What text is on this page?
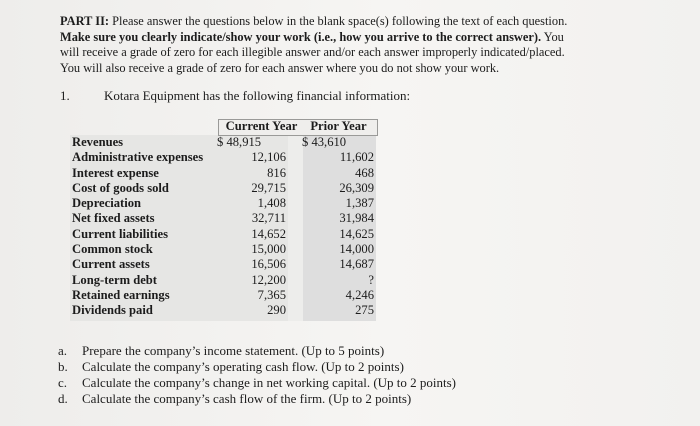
PART II: Please answer the questions below in the blank space(s) following the text of each question.

Make sure you clearly indicate/show your work (i.e., how you arrive to the correct answer). You

will receive a grade of zero for each illegible answer and/or each answer improperly indicated/placed.

You will also receive a grade of zero for each answer where you do not show your work.

1.	Kotara Equipment has the following financial information:
Current Year	Prior Year
Revenues	$ 48,915	$ 43,610
Administrative expenses	12,106	11,602
Interest expense	816	468
Cost of goods sold	29,715	26,309
Depreciation	1,408	1,387
Net fixed assets	32,711	31,984
Current liabilities	14,652	14,625
Common stock	15,000	14,000
Current assets	16,506	14,687
Long-term debt	12,200	?
Retained earnings	7,365	4,246
Dividends paid	290	275
a. Prepare the company’s income statement. (Up to 5 points)
b. Calculate the company’s operating cash flow. (Up to 2 points)
c. Calculate the company’s change in net working capital. (Up to 2 points)
d. Calculate the company’s cash flow of the firm. (Up to 2 points)
